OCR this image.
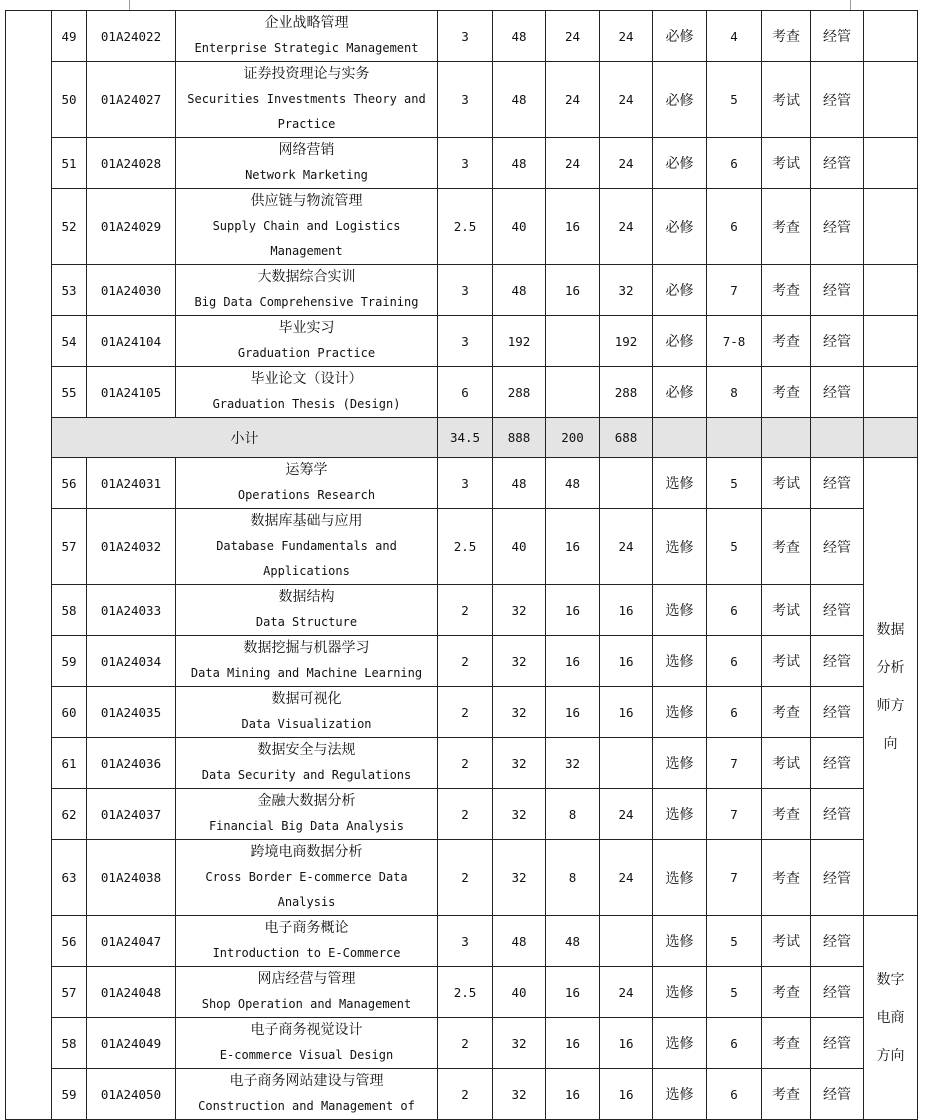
	49	01A24022	企业战略管理
Enterprise Strategic Management	3	48	24	24	必修	4	考查	经管	
	50	01A24027	证券投资理论与实务
Securities Investments Theory and Practice	3	48	24	24	必修	5	考试	经管	
	51	01A24028	网络营销
Network Marketing	3	48	24	24	必修	6	考试	经管	
	52	01A24029	供应链与物流管理
Supply Chain and Logistics Management	2.5	40	16	24	必修	6	考查	经管	
	53	01A24030	大数据综合实训
Big Data Comprehensive Training	3	48	16	32	必修	7	考查	经管	
	54	01A24104	毕业实习
Graduation Practice	3	192		192	必修	7-8	考查	经管	
	55	01A24105	毕业论文（设计）
Graduation Thesis (Design)	6	288		288	必修	8	考查	经管	
	小计			34.5	888	200	688					
	56	01A24031	运筹学
Operations Research	3	48	48		选修	5	考试	经管	数据
分析
师方
向

	57	01A24032	数据库基础与应用
Database Fundamentals and Applications	2.5	40	16	24	选修	5	考查	经管	
	58	01A24033	数据结构
Data Structure	2	32	16	16	选修	6	考试	经管	
	59	01A24034	数据挖掘与机器学习
Data Mining and Machine Learning	2	32	16	16	选修	6	考试	经管	
	60	01A24035	数据可视化
Data Visualization	2	32	16	16	选修	6	考查	经管	
	61	01A24036	数据安全与法规
Data Security and Regulations	2	32	32		选修	7	考试	经管	
	62	01A24037	金融大数据分析
Financial Big Data Analysis	2	32	8	24	选修	7	考查	经管	
	63	01A24038	跨境电商数据分析
Cross Border E-commerce Data Analysis	2	32	8	24	选修	7	考查	经管	
	56	01A24047	电子商务概论
Introduction to E-Commerce	3	48	48		选修	5	考试	经管	数字
电商
方向

	57	01A24048	网店经营与管理
Shop Operation and Management	2.5	40	16	24	选修	5	考查	经管	
	58	01A24049	电子商务视觉设计
E-commerce Visual Design	2	32	16	16	选修	6	考查	经管	
	59	01A24050	电子商务网站建设与管理
Construction and Management of	2	32	16	16	选修	6	考查	经管	
